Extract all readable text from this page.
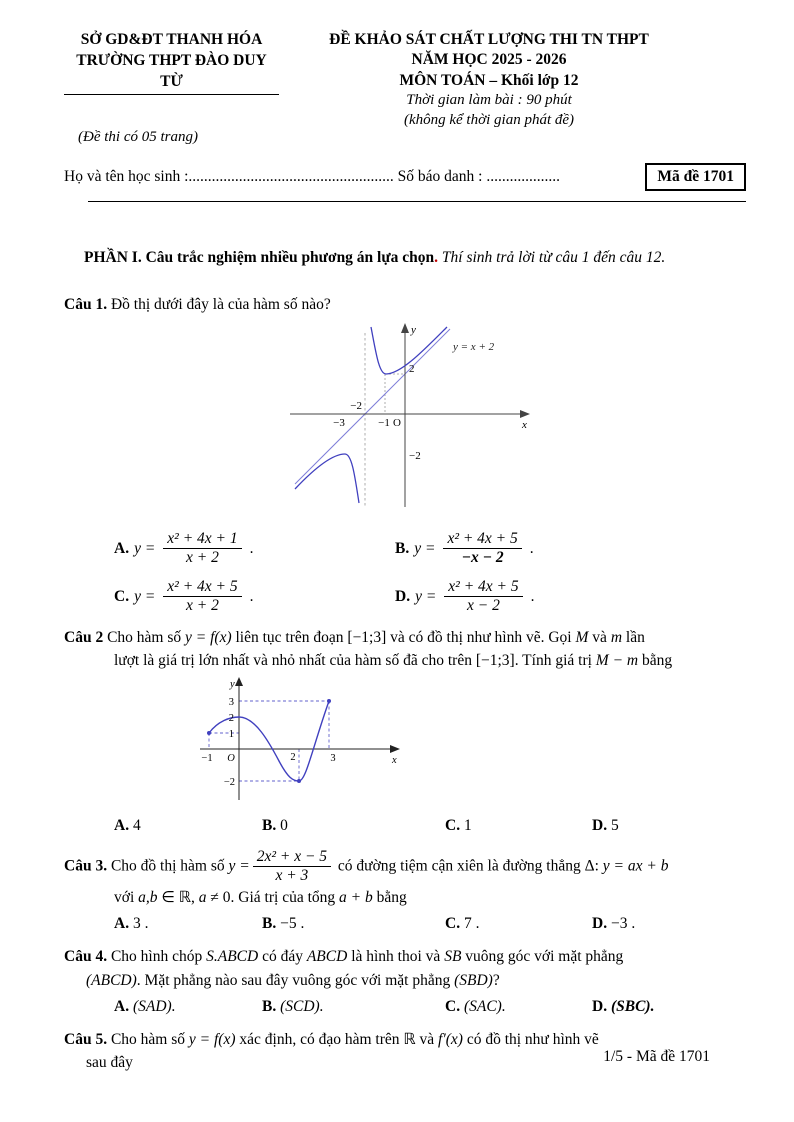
SỞ GD&ĐT THANH HÓA
TRƯỜNG THPT ĐÀO DUY TỪ
(Đề thi có 05 trang)
ĐỀ KHẢO SÁT CHẤT LƯỢNG THI TN THPT
NĂM HỌC 2025 - 2026
MÔN TOÁN – Khối lớp 12
Thời gian làm bài : 90 phút
(không kể thời gian phát đề)
Họ và tên học sinh :..................................................... Số báo danh : ...................	Mã đề 1701

PHẦN I. Câu trắc nghiệm nhiều phương án lựa chọn. Thí sinh trả lời từ câu 1 đến câu 12.

Câu 1. Đồ thị dưới đây là của hàm số nào?

y
x
O
−3
−2
−1
2
−2
y = x + 2
A. $y = \frac{\text{x² + 4x + 1}}{x + 2}$ .	B. $y = \frac{\text{x² + 4x + 5}}{-x - 2}$ .
C. $y = \frac{\text{x² + 4x + 5}}{x + 2}$ .	D. $y = \frac{\text{x² + 4x + 5}}{x - 2}$ .

Câu 2 Cho hàm số y = f(x) liên tục trên đoạn [−1;3] và có đồ thị như hình vẽ. Gọi M và m lần

lượt là giá trị lớn nhất và nhỏ nhất của hàm số đã cho trên [−1;3]. Tính giá trị M − m bằng

y
x
O
3
2
1
−2
−1	2	3
A. 4	B. 0	C. 1	D. 5

Câu 3. Cho đồ thị hàm số $y = \frac{\text{2x² + x − 5}}{x + 3}$ có đường tiệm cận xiên là đường thẳng Δ: y = ax + b

với a,b ∈ ℝ, a ≠ 0. Giá trị của tổng a + b bằng

A. 3 .	B. −5 .	C. 7 .	D. −3 .

Câu 4. Cho hình chóp S.ABCD có đáy ABCD là hình thoi và SB vuông góc với mặt phẳng

(ABCD). Mặt phẳng nào sau đây vuông góc với mặt phẳng (SBD)?

A. (SAD).	B. (SCD).	C. (SAC).	D. (SBC).

Câu 5. Cho hàm số y = f(x) xác định, có đạo hàm trên ℝ và f′(x) có đồ thị như hình vẽ

sau đây	1/5 - Mã đề 1701
